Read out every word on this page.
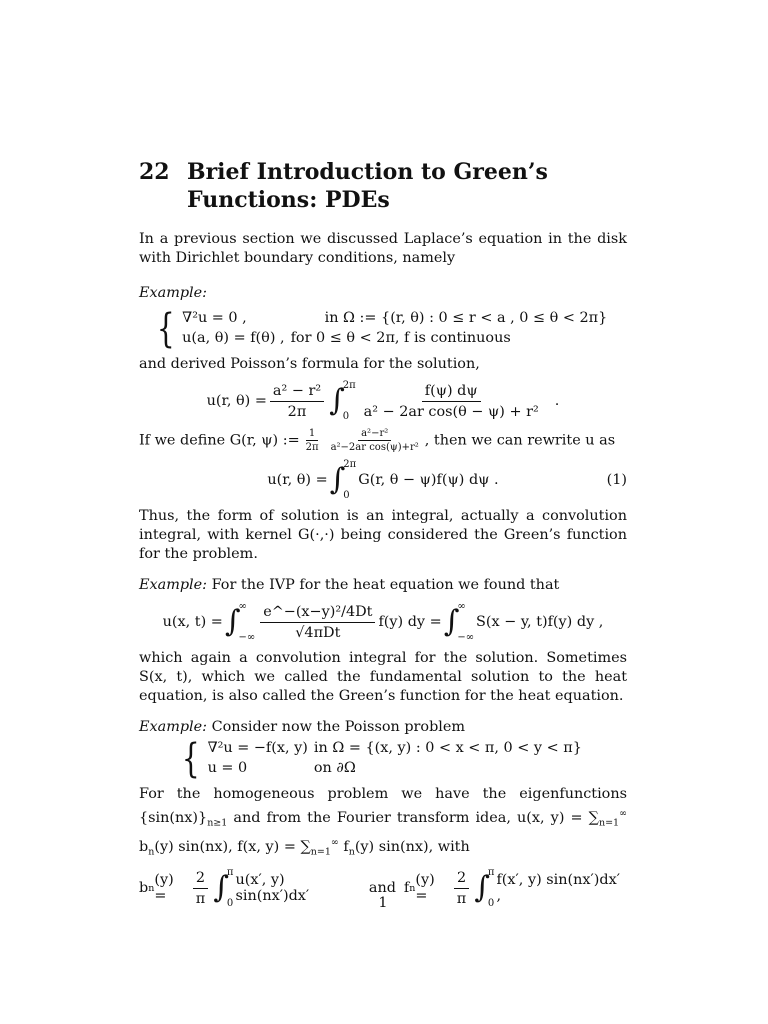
22 Brief Introduction to Green’s Functions: PDEs

In a previous section we discussed Laplace’s equation in the disk with Dirichlet boundary conditions, namely

Example:

{ ∇²u = 0 ,	in Ω := {(r, θ) : 0 ≤ r < a , 0 ≤ θ < 2π}
u(a, θ) = f(θ) ,	for 0 ≤ θ < 2π, f is continuous

and derived Poisson’s formula for the solution,

u(r, $\theta) = \frac{\text{a² − r²}}{2\pi}$ ∫
2π
$0 \frac{f(\psi) d\psi}{\text{a² − 2ar cos(θ − ψ) + r²}}$ .

If we define G(r, ψ) := $\frac{1}{2\pi} \frac{\text{a²−r²}}{\text{a²−2ar cos(ψ)+r²}}$ , then we can rewrite u as

u(r, θ) = ∫
2π
0
G(r, θ − ψ)f(ψ) dψ .	(1)

Thus, the form of solution is an integral, actually a convolution integral, with kernel G(·,·) being considered the Green’s function for the problem.

Example: For the IVP for the heat equation we found that

u(x, t) = ∫
∞
−∞ $\frac{\text{e\textasciicircum{}−(x−y)²/4Dt}}{\text{√4πDt}} f(y)$ dy = ∫
∞
−∞
S(x − y, t)f(y) dy ,

which again a convolution integral for the solution. Sometimes S(x, t), which we called the fundamental solution to the heat equation, is also called the Green’s function for the heat equation.

Example: Consider now the Poisson problem

{ ∇²u = −f(x, y)	in Ω = {(x, y) : 0 < x < π, 0 < y < π}
u = 0	on ∂Ω

For the homogeneous problem we have the eigenfunctions $\{\sin(nx)\}_{n\ge 1}$ and from the Fourier transform idea, u(x, $y) = \sum_{n=1}^\infty$ $b_n(y)$ sin(nx), f(x, $y) = \sum_{n=1}^\infty$ $f_n(y)$ sin(nx), with

b n (y) =	$\frac{2}{\pi}$ ∫
π
0
u(x′, y) sin(nx′)dx′	and f n (y) =	$\frac{2}{\pi}$ ∫
π
0
f(x′, y) sin(nx′)dx′ ,
1
